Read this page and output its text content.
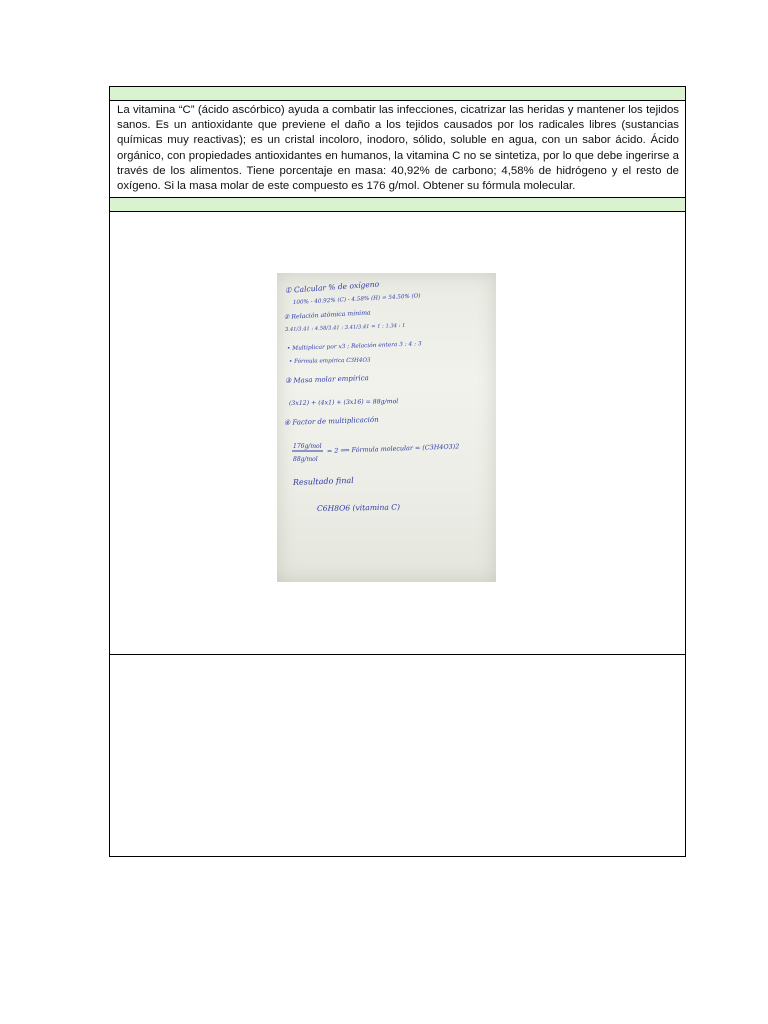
La vitamina “C” (ácido ascórbico) ayuda a combatir las infecciones, cicatrizar las heridas y mantener los tejidos sanos. Es un antioxidante que previene el daño a los tejidos causados por los radicales libres (sustancias químicas muy reactivas); es un cristal incoloro, inodoro, sólido, soluble en agua, con un sabor ácido. Ácido orgánico, con propiedades antioxidantes en humanos, la vitamina C no se sintetiza, por lo que debe ingerirse a través de los alimentos. Tiene porcentaje en masa: 40,92% de carbono; 4,58% de hidrógeno y el resto de oxígeno. Si la masa molar de este compuesto es 176 g/mol. Obtener su fórmula molecular.

① Calcular % de oxígeno
100% - 40.92% (C) - 4.58% (H) = 54.50% (O)
② Relación atómica mínima
3.41/3.41 : 4.58/3.41 : 3.41/3.41 = 1 : 1.34 : 1
• Multiplicar por x3 ; Relación entera 3 : 4 : 3
• Fórmula empírica C3H4O3
③ Masa molar empírica
(3x12) + (4x1) + (3x16) = 88g/mol
④ Factor de multiplicación
176g/mol
88g/mol
= 2 ⟹ Fórmula molecular = (C3H4O3)2
Resultado final
C6H8O6 (vitamina C)
